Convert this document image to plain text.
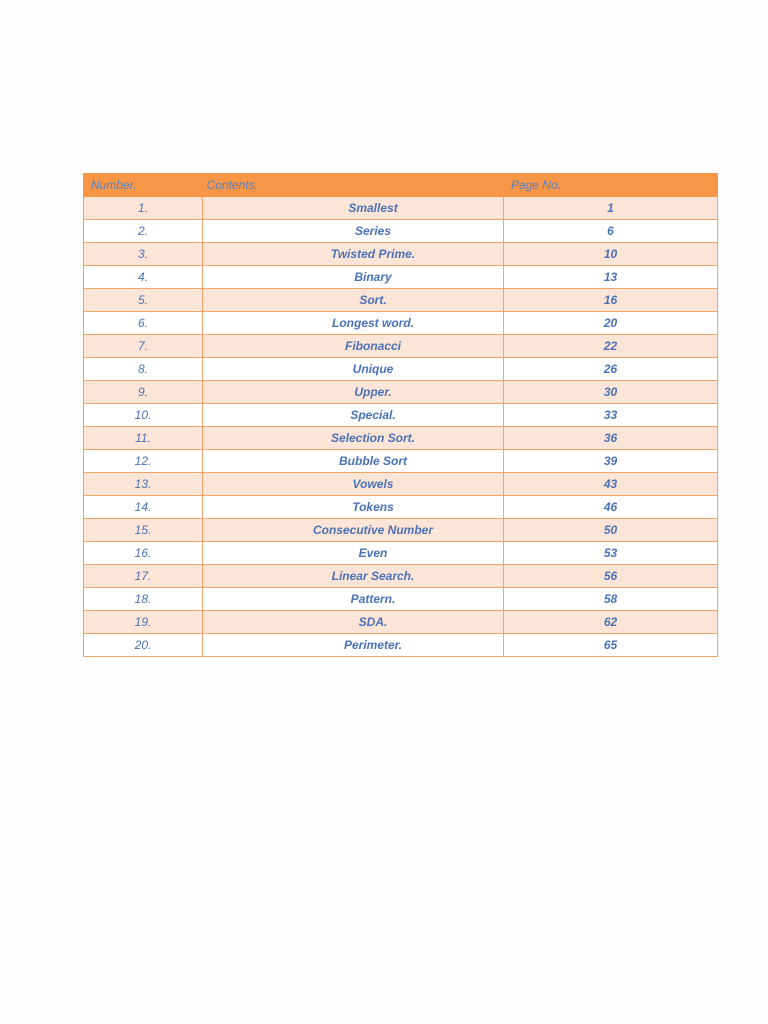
Number. Contents.		Page No.
1.	Smallest	1
2.	Series	6
3.	Twisted Prime.	10
4.	Binary	13
5.	Sort.	16
6.	Longest word.	20
7.	Fibonacci	22
8.	Unique	26
9.	Upper.	30
10.	Special.	33
11.	Selection Sort.	36
12.	Bubble Sort	39
13.	Vowels	43
14.	Tokens	46
15.	Consecutive Number	50
16.	Even	53
17.	Linear Search.	56
18.	Pattern.	58
19.	SDA.	62
20.	Perimeter.	65
